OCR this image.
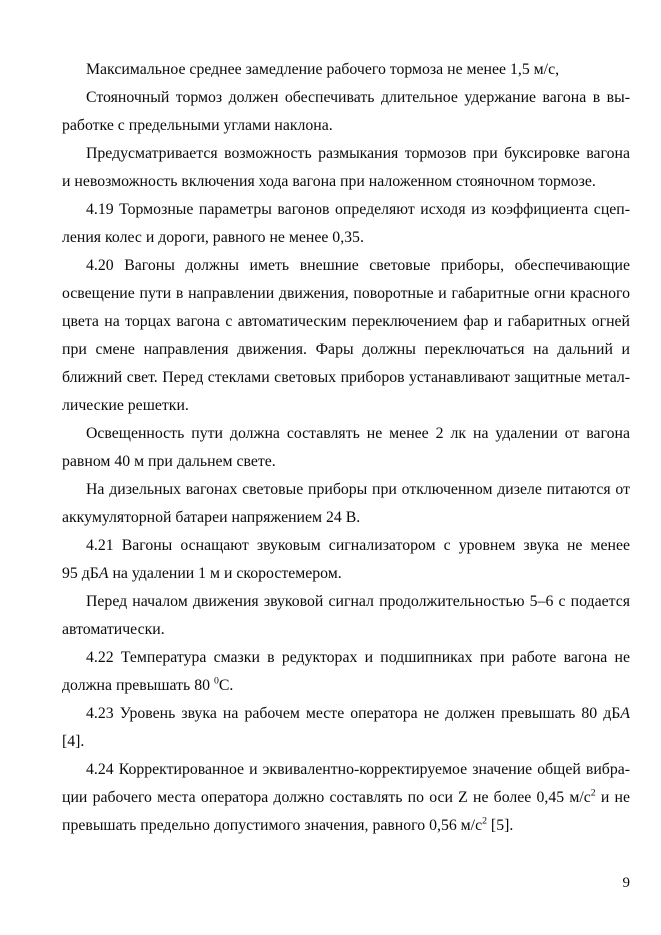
Максимальное среднее замедление рабочего тормоза не менее 1,5 м/с,
Стояночный тормоз должен обеспечивать длительное удержание вагона в вы-
работке с предельными углами наклона.
Предусматривается возможность размыкания тормозов при буксировке вагона
и невозможность включения хода вагона при наложенном стояночном тормозе.
4.19 Тормозные параметры вагонов определяют исходя из коэффициента сцеп-
ления колес и дороги, равного не менее 0,35.
4.20 Вагоны должны иметь внешние световые приборы, обеспечивающие
освещение пути в направлении движения, поворотные и габаритные огни красного
цвета на торцах вагона с автоматическим переключением фар и габаритных огней
при смене направления движения. Фары должны переключаться на дальний и
ближний свет. Перед стеклами световых приборов устанавливают защитные метал-
лические решетки.
Освещенность пути должна составлять не менее 2 лк на удалении от вагона
равном 40 м при дальнем свете.
На дизельных вагонах световые приборы при отключенном дизеле питаются от
аккумуляторной батареи напряжением 24 В.
4.21 Вагоны оснащают звуковым сигнализатором с уровнем звука не менее
95 дБА на удалении 1 м и скоростемером.
Перед началом движения звуковой сигнал продолжительностью 5–6 с подается
автоматически.
4.22 Температура смазки в редукторах и подшипниках при работе вагона не
должна превышать 80 $^0$С.
4.23 Уровень звука на рабочем месте оператора не должен превышать 80 дБА
[4].
4.24 Корректированное и эквивалентно-корректируемое значение общей вибра-
ции рабочего места оператора должно составлять по оси Z не более 0,45 $м/с^2$ и не
превышать предельно допустимого значения, равного 0,56 $м/с^2$ [5].
9
